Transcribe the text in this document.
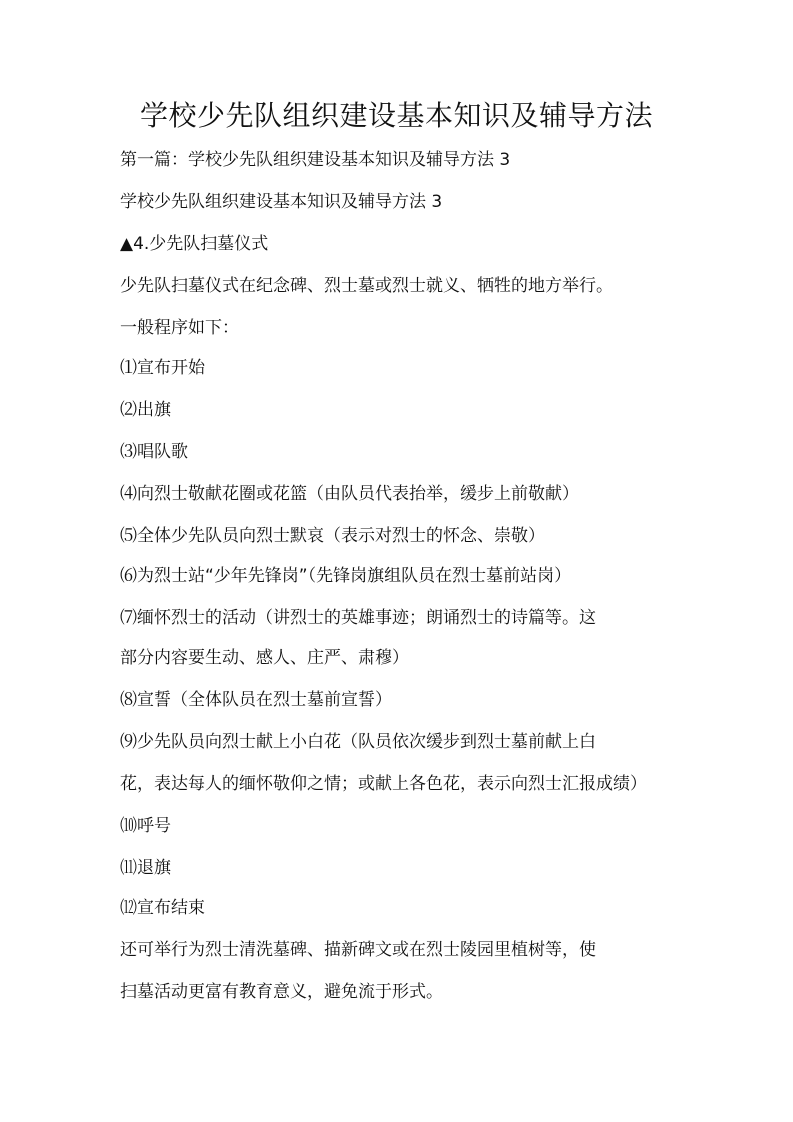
学校少先队组织建设基本知识及辅导方法

第一篇：学校少先队组织建设基本知识及辅导方法 3

学校少先队组织建设基本知识及辅导方法 3

▲4.少先队扫墓仪式

少先队扫墓仪式在纪念碑、烈士墓或烈士就义、牺牲的地方举行。

一般程序如下：

⑴宣布开始

⑵出旗

⑶唱队歌

⑷向烈士敬献花圈或花篮（由队员代表抬举，缓步上前敬献）

⑸全体少先队员向烈士默哀（表示对烈士的怀念、崇敬）

⑹为烈士站“少年先锋岗”（先锋岗旗组队员在烈士墓前站岗）

⑺缅怀烈士的活动（讲烈士的英雄事迹；朗诵烈士的诗篇等。这

部分内容要生动、感人、庄严、肃穆）

⑻宣誓（全体队员在烈士墓前宣誓）

⑼少先队员向烈士献上小白花（队员依次缓步到烈士墓前献上白

花，表达每人的缅怀敬仰之情；或献上各色花，表示向烈士汇报成绩）

⑽呼号

⑾退旗

⑿宣布结束

还可举行为烈士清洗墓碑、描新碑文或在烈士陵园里植树等，使

扫墓活动更富有教育意义，避免流于形式。
